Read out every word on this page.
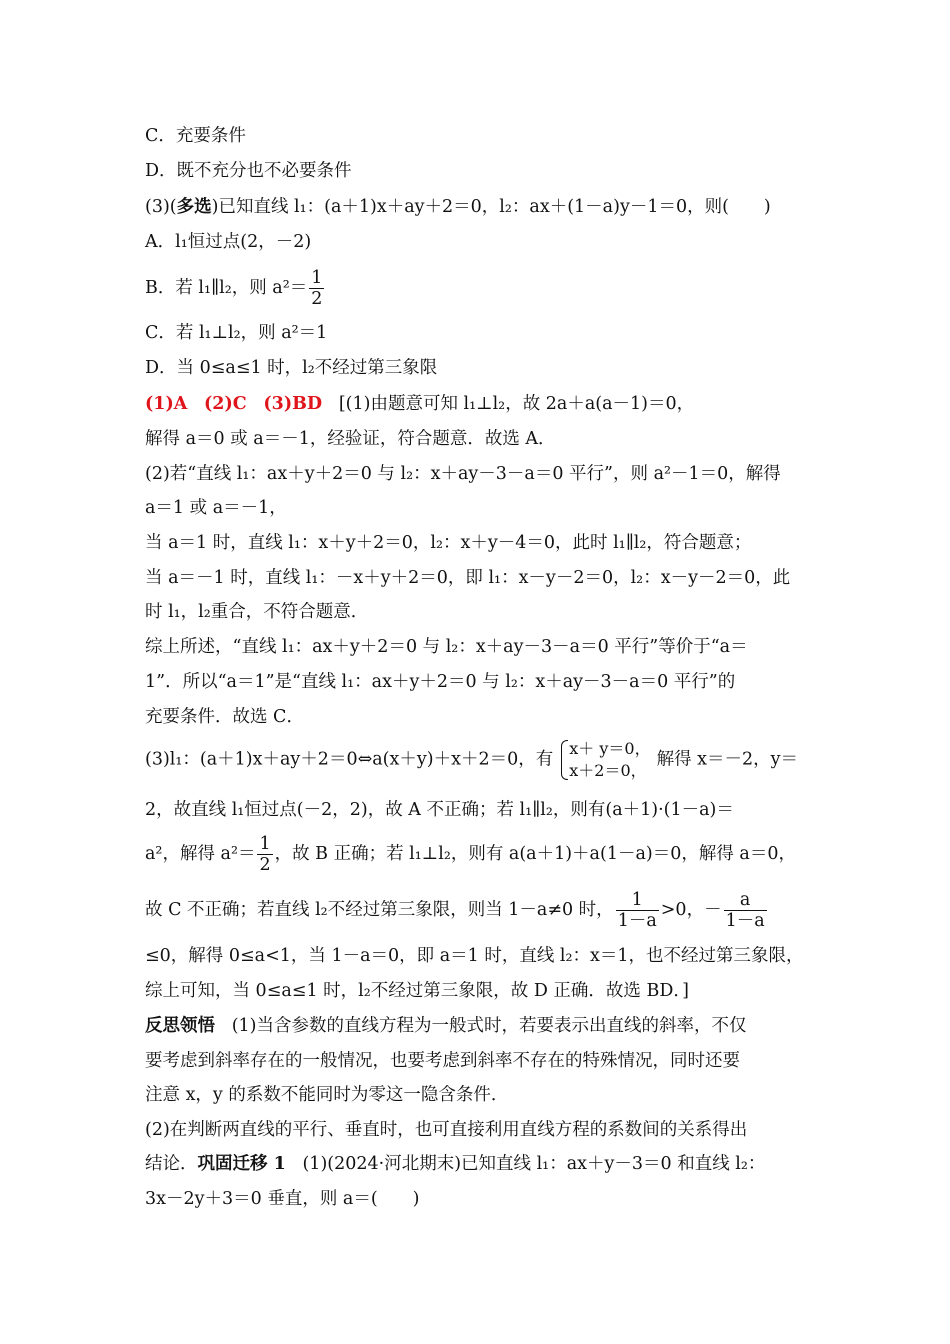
C．充要条件
D．既不充分也不必要条件
(3)(多选)已知直线 l₁：(a＋1)x＋ay＋2＝0，l₂：ax＋(1－a)y－1＝0，则(　　)
A．l₁恒过点(2，－2)
B．若 l₁∥l₂，则 $a^2= \frac{1}{2}$
C．若 l₁⊥l₂，则 a²＝1
D．当 0≤a≤1 时，l₂不经过第三象限
(1)A (2)C (3)BD [(1)由题意可知 l₁⊥l₂，故 2a＋a(a－1)＝0，
解得 a＝0 或 a＝－1，经验证，符合题意．故选 A．
(2)若“直线 l₁：ax＋y＋2＝0 与 l₂：x＋ay－3－a＝0 平行”，则 a²－1＝0，解得
a＝1 或 a＝－1，
当 a＝1 时，直线 l₁：x＋y＋2＝0，l₂：x＋y－4＝0，此时 l₁∥l₂，符合题意；
当 a＝－1 时，直线 l₁：－x＋y＋2＝0，即 l₁：x－y－2＝0，l₂：x－y－2＝0，此
时 l₁，l₂重合，不符合题意．
综上所述，“直线 l₁：ax＋y＋2＝0 与 l₂：x＋ay－3－a＝0 平行”等价于“a＝
1”．所以“a＝1”是“直线 l₁：ax＋y＋2＝0 与 l₂：x＋ay－3－a＝0 平行”的
充要条件．故选 C．
(3)l₁：(a＋1)x＋ay＋2＝0⇔a(x＋y)＋x＋2＝0，有
x＋ y＝0，
x＋2＝0，
解得 x＝－2，y＝
2，故直线 l₁恒过点(－2，2)，故 A 不正确；若 l₁∥l₂，则有(a＋1)·(1－a)＝
a²，解得 $a^2= \frac{1}{2}$ ，故 B 正确；若 l₁⊥l₂，则有 a(a＋1)＋a(1－a)＝0，解得 a＝0，
故 C 不正确；若直线 l₂不经过第三象限，则当 1－a≠0 时， $\frac{1}{1-a} >0$，－ $\frac{a}{1-a}$
≤0，解得 0≤a<1，当 1－a＝0，即 a＝1 时，直线 l₂：x＝1，也不经过第三象限，
综上可知，当 0≤a≤1 时，l₂不经过第三象限，故 D 正确．故选 BD．]
反思领悟 (1)当含参数的直线方程为一般式时，若要表示出直线的斜率，不仅
要考虑到斜率存在的一般情况，也要考虑到斜率不存在的特殊情况，同时还要
注意 x，y 的系数不能同时为零这一隐含条件．
(2)在判断两直线的平行、垂直时，也可直接利用直线方程的系数间的关系得出
结论．巩固迁移 1 (1)(2024·河北期末)已知直线 l₁：ax＋y－3＝0 和直线 l₂：
3x－2y＋3＝0 垂直，则 a＝(　　)
